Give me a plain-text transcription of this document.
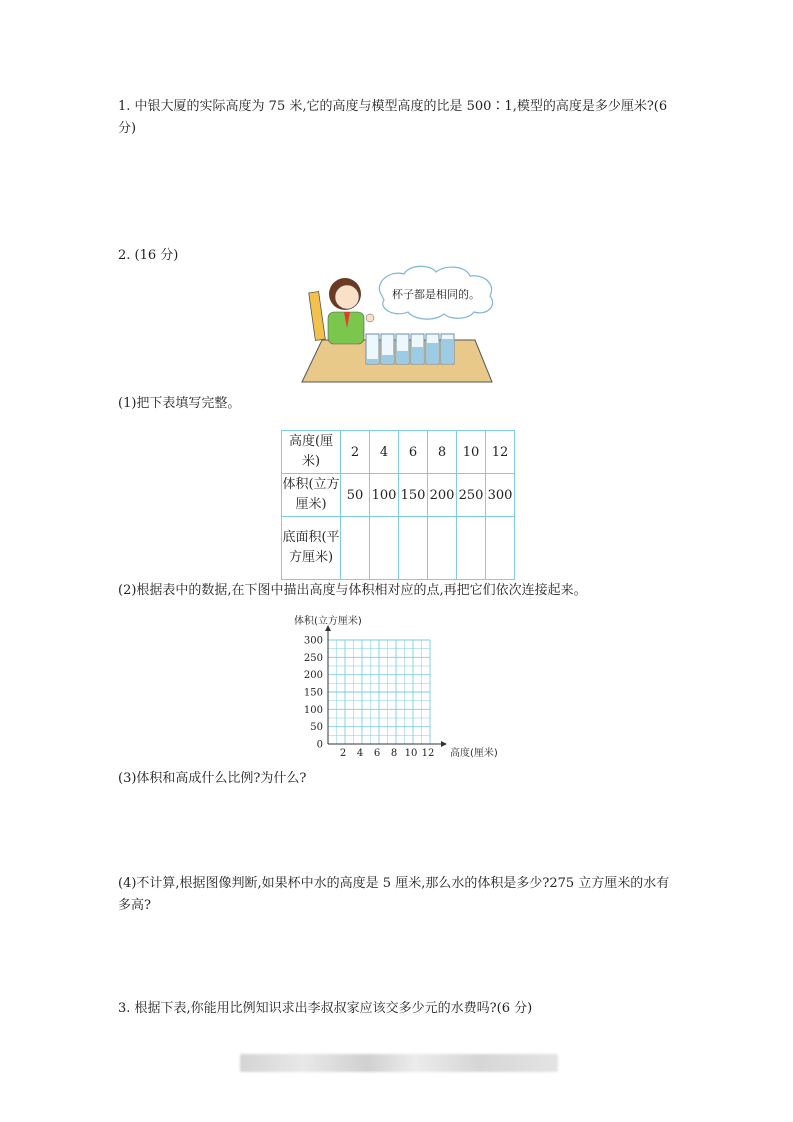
1. 中银大厦的实际高度为 75 米,它的高度与模型高度的比是 500∶1,模型的高度是多少厘米?(6 分)
2. (16 分)
杯子都是相同的。
(1)把下表填写完整。
高度(厘米)	2	4	6	8	10	12
体积(立方厘米)	50	100	150	200	250	300
底面积(平方厘米)						
(2)根据表中的数据,在下图中描出高度与体积相对应的点,再把它们依次连接起来。
0
50
100
150
200
250
300
2 4 6 8 10 12
体积(立方厘米)
高度(厘米)
(3)体积和高成什么比例?为什么?
(4)不计算,根据图像判断,如果杯中水的高度是 5 厘米,那么水的体积是多少?275 立方厘米的水有多高?
3. 根据下表,你能用比例知识求出李叔叔家应该交多少元的水费吗?(6 分)
